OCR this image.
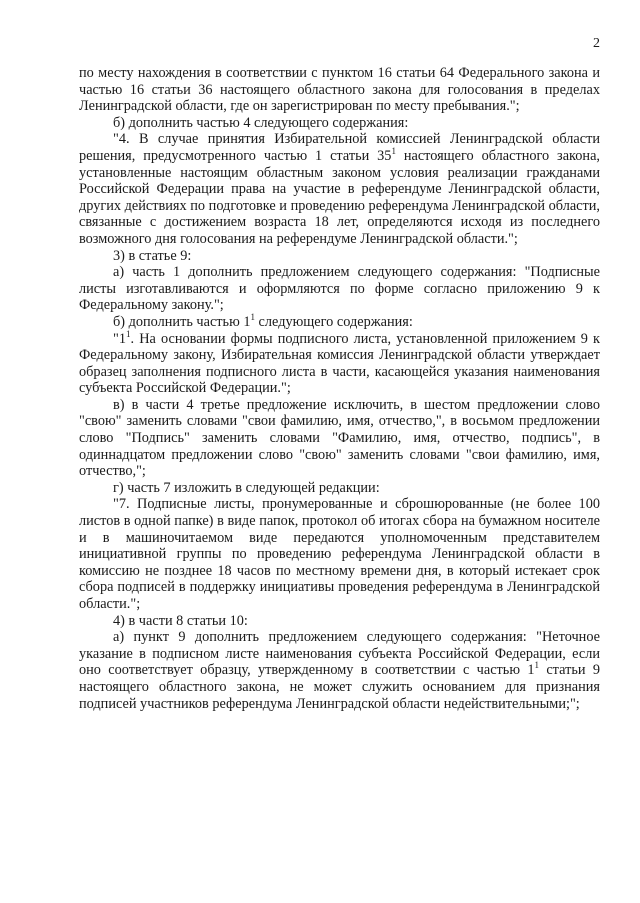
2

по месту нахождения в соответствии с пунктом 16 статьи 64 Федерального закона и частью 16 статьи 36 настоящего областного закона для голосования в пределах Ленинградской области, где он зарегистрирован по месту пребывания.";

б) дополнить частью 4 следующего содержания:

"4. В случае принятия Избирательной комиссией Ленинградской области решения, предусмотренного частью 1 статьи $35^1$ настоящего областного закона, установленные настоящим областным законом условия реализации гражданами Российской Федерации права на участие в референдуме Ленинградской области, других действиях по подготовке и проведению референдума Ленинградской области, связанные с достижением возраста 18 лет, определяются исходя из последнего возможного дня голосования на референдуме Ленинградской области.";

3) в статье 9:

а) часть 1 дополнить предложением следующего содержания: "Подписные листы изготавливаются и оформляются по форме согласно приложению 9 к Федеральному закону.";

б) дополнить частью $1^1$ следующего содержания:

"$1^1$. На основании формы подписного листа, установленной приложением 9 к Федеральному закону, Избирательная комиссия Ленинградской области утверждает образец заполнения подписного листа в части, касающейся указания наименования субъекта Российской Федерации.";

в) в части 4 третье предложение исключить, в шестом предложении слово "свою" заменить словами "свои фамилию, имя, отчество,", в восьмом предложении слово "Подпись" заменить словами "Фамилию, имя, отчество, подпись", в одиннадцатом предложении слово "свою" заменить словами "свои фамилию, имя, отчество,";

г) часть 7 изложить в следующей редакции:

"7. Подписные листы, пронумерованные и сброшюрованные (не более 100 листов в одной папке) в виде папок, протокол об итогах сбора на бумажном носителе и в машиночитаемом виде передаются уполномоченным представителем инициативной группы по проведению референдума Ленинградской области в комиссию не позднее 18 часов по местному времени дня, в который истекает срок сбора подписей в поддержку инициативы проведения референдума в Ленинградской области.";

4) в части 8 статьи 10:

а) пункт 9 дополнить предложением следующего содержания: "Неточное указание в подписном листе наименования субъекта Российской Федерации, если оно соответствует образцу, утвержденному в соответствии с частью $1^1$ статьи 9 настоящего областного закона, не может служить основанием для признания подписей участников референдума Ленинградской области недействительными;";
